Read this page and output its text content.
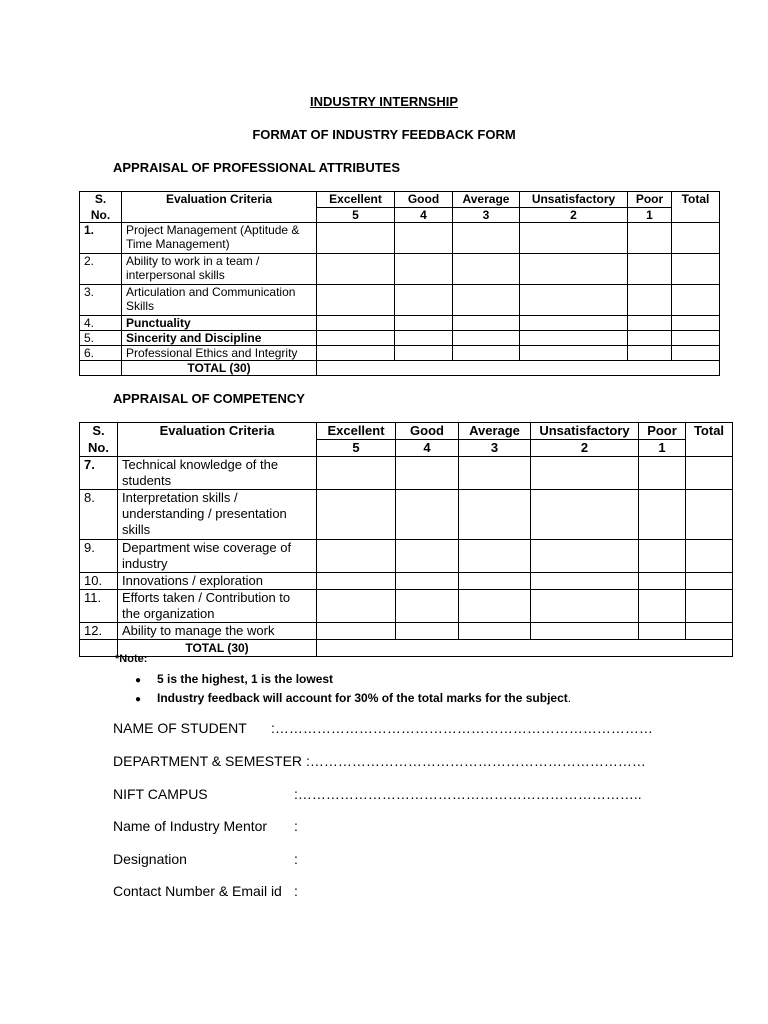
INDUSTRY INTERNSHIP
FORMAT OF INDUSTRY FEEDBACK FORM
APPRAISAL OF PROFESSIONAL ATTRIBUTES
S.	Evaluation Criteria	Excellent	Good	Average	Unsatisfactory	Poor	Total
No.		5	4	3	2	1	
1.	Project Management (Aptitude &
Time Management)						

2.	Ability to work in a team /
interpersonal skills						

3.	Articulation and Communication
Skills						

4.	Punctuality						
5.	Sincerity and Discipline						
6.	Professional Ethics and Integrity						
	TOTAL (30)						
APPRAISAL OF COMPETENCY
S.	Evaluation Criteria	Excellent	Good	Average	Unsatisfactory	Poor	Total
No.		5	4	3	2	1	
7.	Technical knowledge of the
students						

8.	Interpretation skills /
understanding / presentation
skills						

9.	Department wise coverage of
industry						

10.	Innovations / exploration						
11.	Efforts taken / Contribution to
the organization						

12.	Ability to manage the work						
	TOTAL (30)						
*Note:
● 5 is the highest, 1 is the lowest
● Industry feedback will account for 30% of the total marks for the subject.
NAME OF STUDENT :………………………………………………………………………
DEPARTMENT & SEMESTER :………………………………………………………………
NIFT CAMPUS	:………………………………………………………………..
Name of Industry Mentor :
Designation	:
Contact Number & Email id :
